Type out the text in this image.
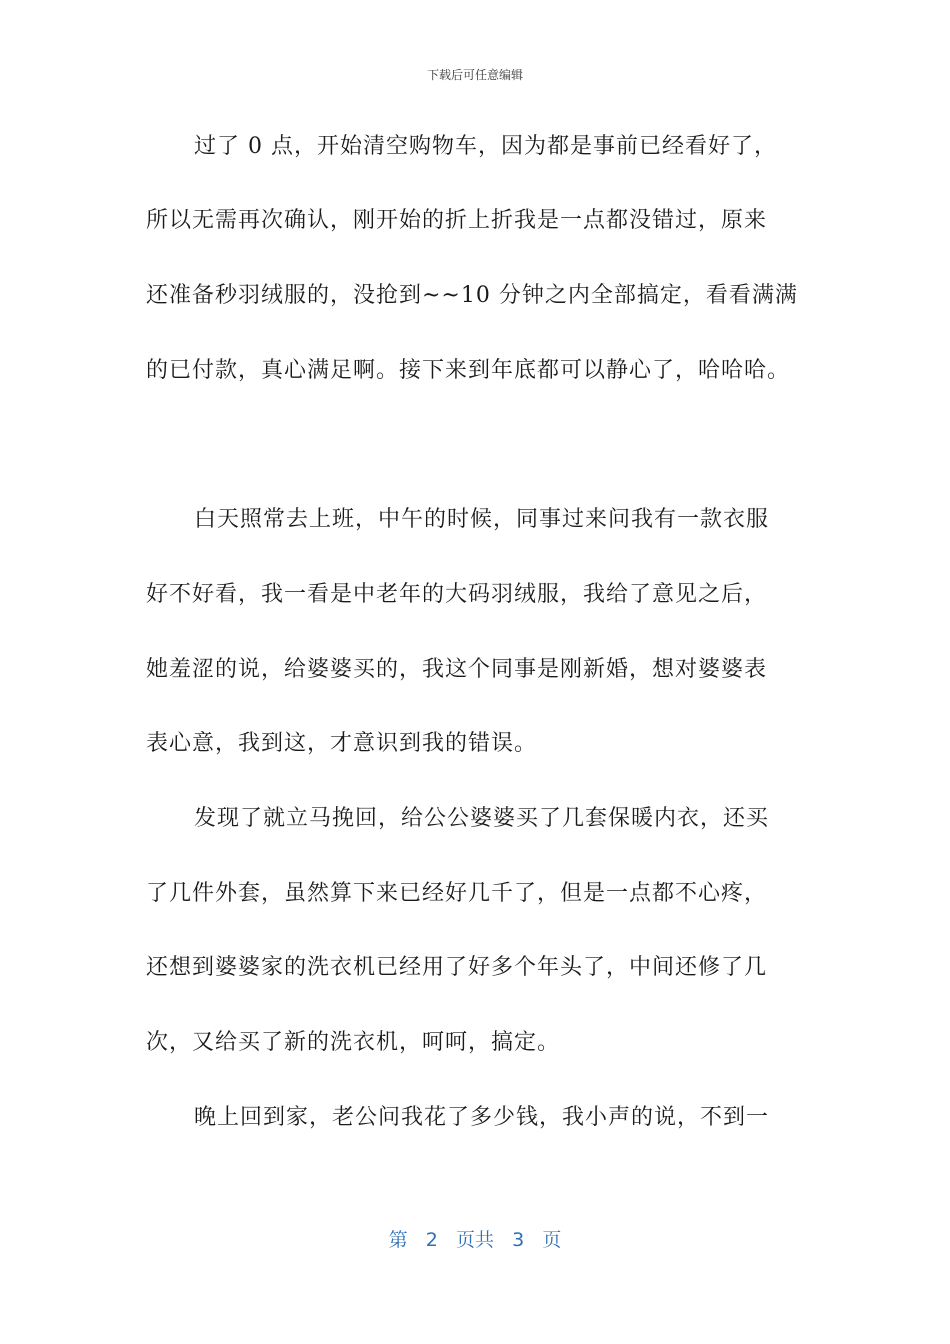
下载后可任意编辑
过了 0 点，开始清空购物车，因为都是事前已经看好了，
所以无需再次确认，刚开始的折上折我是一点都没错过，原来
还准备秒羽绒服的，没抢到~~10 分钟之内全部搞定，看看满满
的已付款，真心满足啊。接下来到年底都可以静心了，哈哈哈。
白天照常去上班，中午的时候，同事过来问我有一款衣服
好不好看，我一看是中老年的大码羽绒服，我给了意见之后，
她羞涩的说，给婆婆买的，我这个同事是刚新婚，想对婆婆表
表心意，我到这，才意识到我的错误。
发现了就立马挽回，给公公婆婆买了几套保暖内衣，还买
了几件外套，虽然算下来已经好几千了，但是一点都不心疼，
还想到婆婆家的洗衣机已经用了好多个年头了，中间还修了几
次，又给买了新的洗衣机，呵呵，搞定。
晚上回到家，老公问我花了多少钱，我小声的说，不到一
第 2 页共 3 页
